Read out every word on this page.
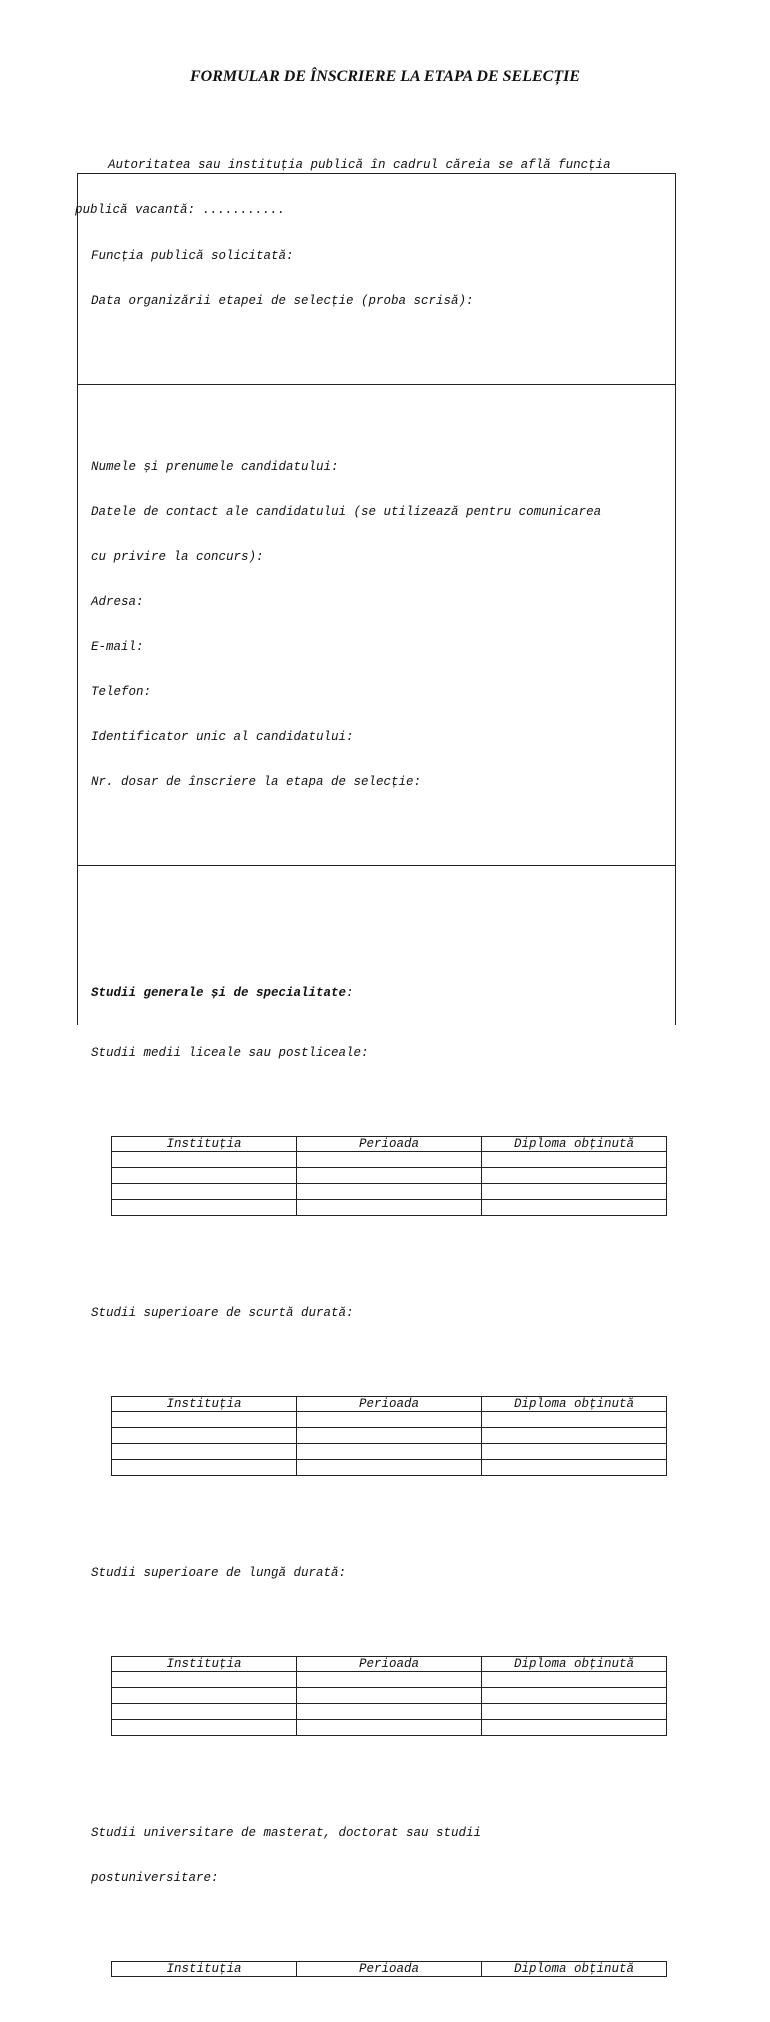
FORMULAR DE ÎNSCRIERE LA ETAPA DE SELECȚIE

Autoritatea sau instituția publică în cadrul căreia se află funcția

publică vacantă: ...........

Funcția publică solicitată:

Data organizării etapei de selecție (proba scrisă):

Numele și prenumele candidatului:

Datele de contact ale candidatului (se utilizează pentru comunicarea

cu privire la concurs):

Adresa:

E-mail:

Telefon:

Identificator unic al candidatului:

Nr. dosar de înscriere la etapa de selecție:

Studii generale și de specialitate:

Studii medii liceale sau postliceale:

Instituția	Perioada	Diploma obținută

Studii superioare de scurtă durată:

Instituția	Perioada	Diploma obținută

Studii superioare de lungă durată:

Instituția	Perioada	Diploma obținută

Studii universitare de masterat, doctorat sau studii

postuniversitare:

Instituția	Perioada	Diploma obținută
